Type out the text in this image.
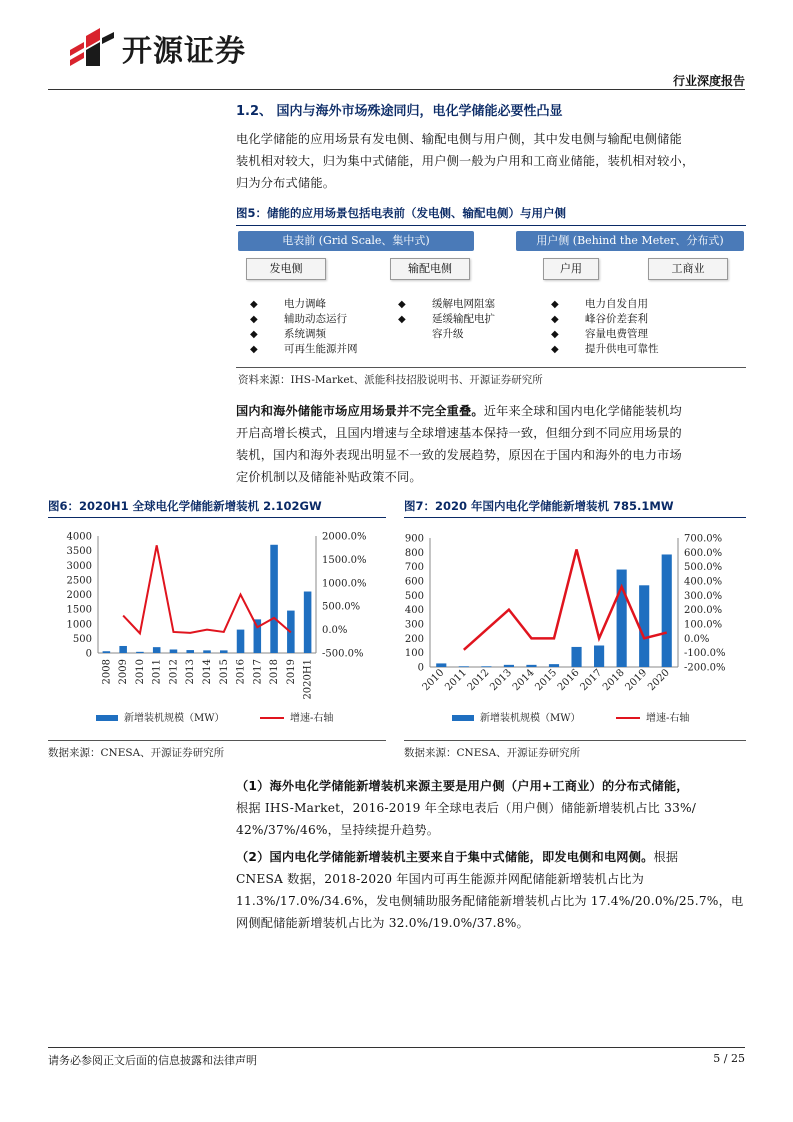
开源证券
行业深度报告
1.2、 国内与海外市场殊途同归，电化学储能必要性凸显
电化学储能的应用场景有发电侧、输配电侧与用户侧，其中发电侧与输配电侧储能
装机相对较大，归为集中式储能，用户侧一般为户用和工商业储能，装机相对较小，
归为分布式储能。
图5：储能的应用场景包括电表前（发电侧、输配电侧）与用户侧
电表前 (Grid Scale、集中式)	用户侧 (Behind the Meter、分布式)
发电侧	输配电侧	户用	工商业
◆	电力调峰
◆	辅助动态运行
◆	系统调频
◆	可再生能源并网
◆	缓解电网阻塞
◆	延缓输配电扩
容升级
◆	电力自发自用
◆	峰谷价差套利
◆	容量电费管理
◆	提升供电可靠性
资料来源：IHS-Market、派能科技招股说明书、开源证券研究所
国内和海外储能市场应用场景并不完全重叠。近年来全球和国内电化学储能装机均
开启高增长模式，且国内增速与全球增速基本保持一致，但细分到不同应用场景的
装机，国内和海外表现出明显不一致的发展趋势，原因在于国内和海外的电力市场
定价机制以及储能补贴政策不同。
图6：2020H1 全球电化学储能新增装机 2.102GW	图7：2020 年国内电化学储能新增装机 785.1MW
0
500
1000
1500
2000
2500
3000
3500
4000
-500.0%
0.0%
500.0%
1000.0%
1500.0%
2000.0%
2008 2009 2010 2011 2012 2013 2014 2015 2016 2017 2018 2019 2020H1
新增装机规模（MW）	增速-右轴
0
100
200
300
400
500
600
700
800
900
-200.0%
-100.0%
0.0%
100.0%
200.0%
300.0%
400.0%
500.0%
600.0%
700.0%
2010
2011
2012
2013
2014
2015
2016
2017
2018
2019
2020
新增装机规模（MW）	增速-右轴
数据来源：CNESA、开源证券研究所	数据来源：CNESA、开源证券研究所
（1）海外电化学储能新增装机来源主要是用户侧（户用+工商业）的分布式储能，
根据 IHS-Market，2016-2019 年全球电表后（用户侧）储能新增装机占比 33%/
42%/37%/46%，呈持续提升趋势。
（2）国内电化学储能新增装机主要来自于集中式储能，即发电侧和电网侧。根据
CNESA 数据，2018-2020 年国内可再生能源并网配储能新增装机占比为
11.3%/17.0%/34.6%，发电侧辅助服务配储能新增装机占比为 17.4%/20.0%/25.7%，电
网侧配储能新增装机占比为 32.0%/19.0%/37.8%。
请务必参阅正文后面的信息披露和法律声明	5 / 25
